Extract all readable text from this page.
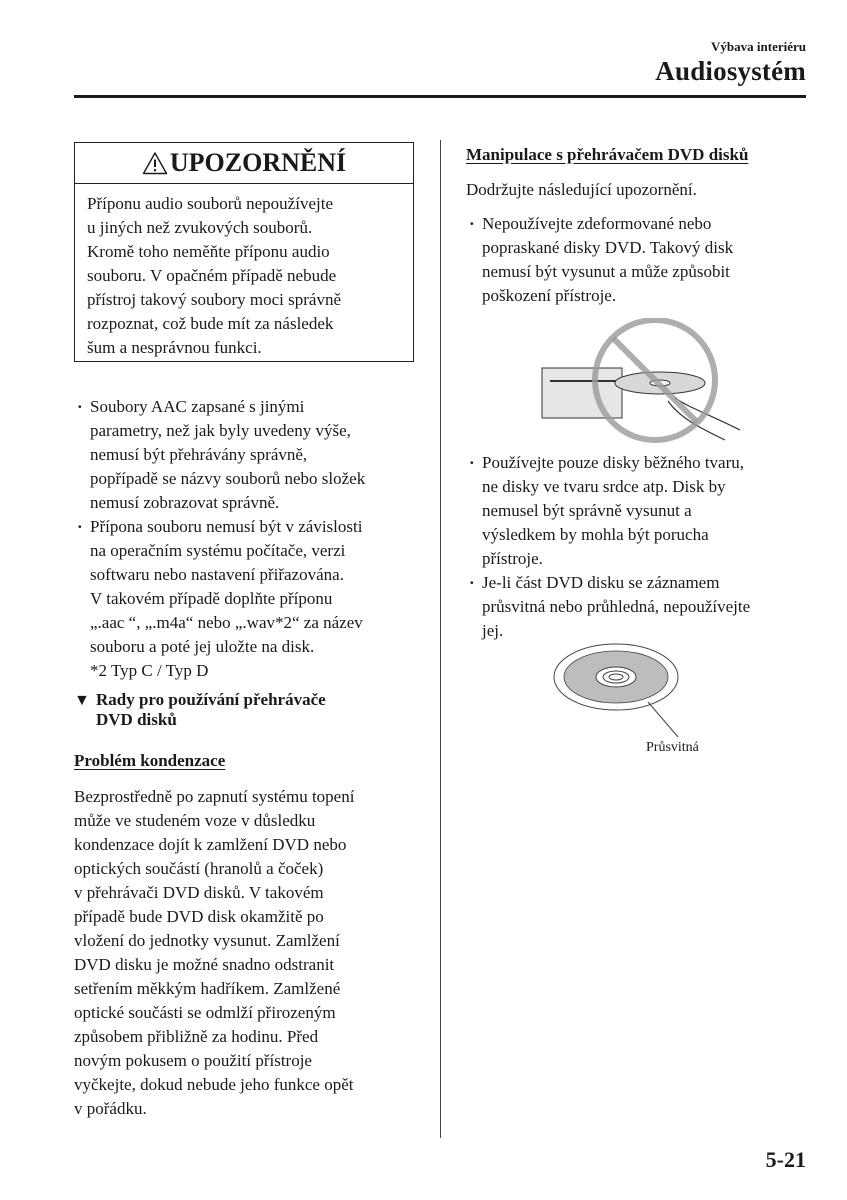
Výbava interiéru
Audiosystém
UPOZORNĚNÍ
Příponu audio souborů nepoužívejte
u jiných než zvukových souborů.
Kromě toho neměňte příponu audio
souboru. V opačném případě nebude
přístroj takový soubory moci správně
rozpoznat, což bude mít za následek
šum a nesprávnou funkci.
· Soubory AAC zapsané s jinými
parametry, než jak byly uvedeny výše,
nemusí být přehrávány správně,
popřípadě se názvy souborů nebo složek
nemusí zobrazovat správně.
· Přípona souboru nemusí být v závislosti
na operačním systému počítače, verzi
softwaru nebo nastavení přiřazována.
V takovém případě doplňte příponu
„.aac “, „.m4a“ nebo „.wav*2“ za název
souboru a poté jej uložte na disk.
*2 Typ C / Typ D
▼ Rady pro používání přehrávače
DVD disků
Problém kondenzace
Bezprostředně po zapnutí systému topení
může ve studeném voze v důsledku
kondenzace dojít k zamlžení DVD nebo
optických součástí (hranolů a čoček)
v přehrávači DVD disků. V takovém
případě bude DVD disk okamžitě po
vložení do jednotky vysunut. Zamlžení
DVD disku je možné snadno odstranit
setřením měkkým hadříkem. Zamlžené
optické součásti se odmlží přirozeným
způsobem přibližně za hodinu. Před
novým pokusem o použití přístroje
vyčkejte, dokud nebude jeho funkce opět
v pořádku.
Manipulace s přehrávačem DVD disků
Dodržujte následující upozornění.
· Nepoužívejte zdeformované nebo
popraskané disky DVD. Takový disk
nemusí být vysunut a může způsobit
poškození přístroje.
· Používejte pouze disky běžného tvaru,
ne disky ve tvaru srdce atp. Disk by
nemusel být správně vysunut a
výsledkem by mohla být porucha
přístroje.
· Je-li část DVD disku se záznamem
průsvitná nebo průhledná, nepoužívejte
jej.
Průsvitná
5-21
